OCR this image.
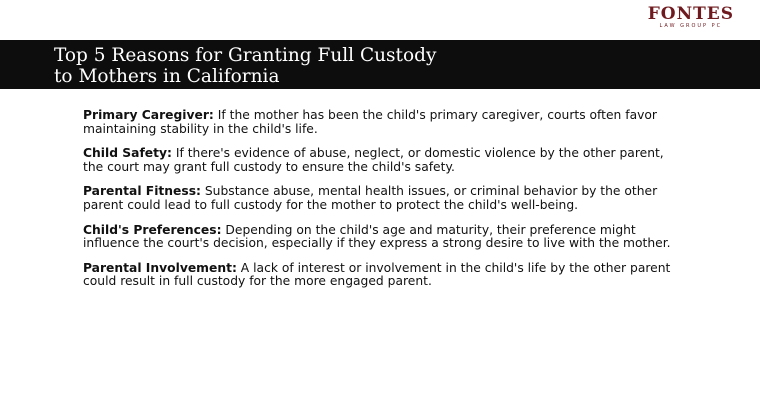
FONTES
LAW GROUP PC
Top 5 Reasons for Granting Full Custody
to Mothers in California

Primary Caregiver: If the mother has been the child's primary caregiver, courts often favor maintaining stability in the child's life.

Child Safety: If there's evidence of abuse, neglect, or domestic violence by the other parent, the court may grant full custody to ensure the child's safety.

Parental Fitness: Substance abuse, mental health issues, or criminal behavior by the other parent could lead to full custody for the mother to protect the child's well-being.

Child's Preferences: Depending on the child's age and maturity, their preference might influence the court's decision, especially if they express a strong desire to live with the mother.

Parental Involvement: A lack of interest or involvement in the child's life by the other parent could result in full custody for the more engaged parent.
